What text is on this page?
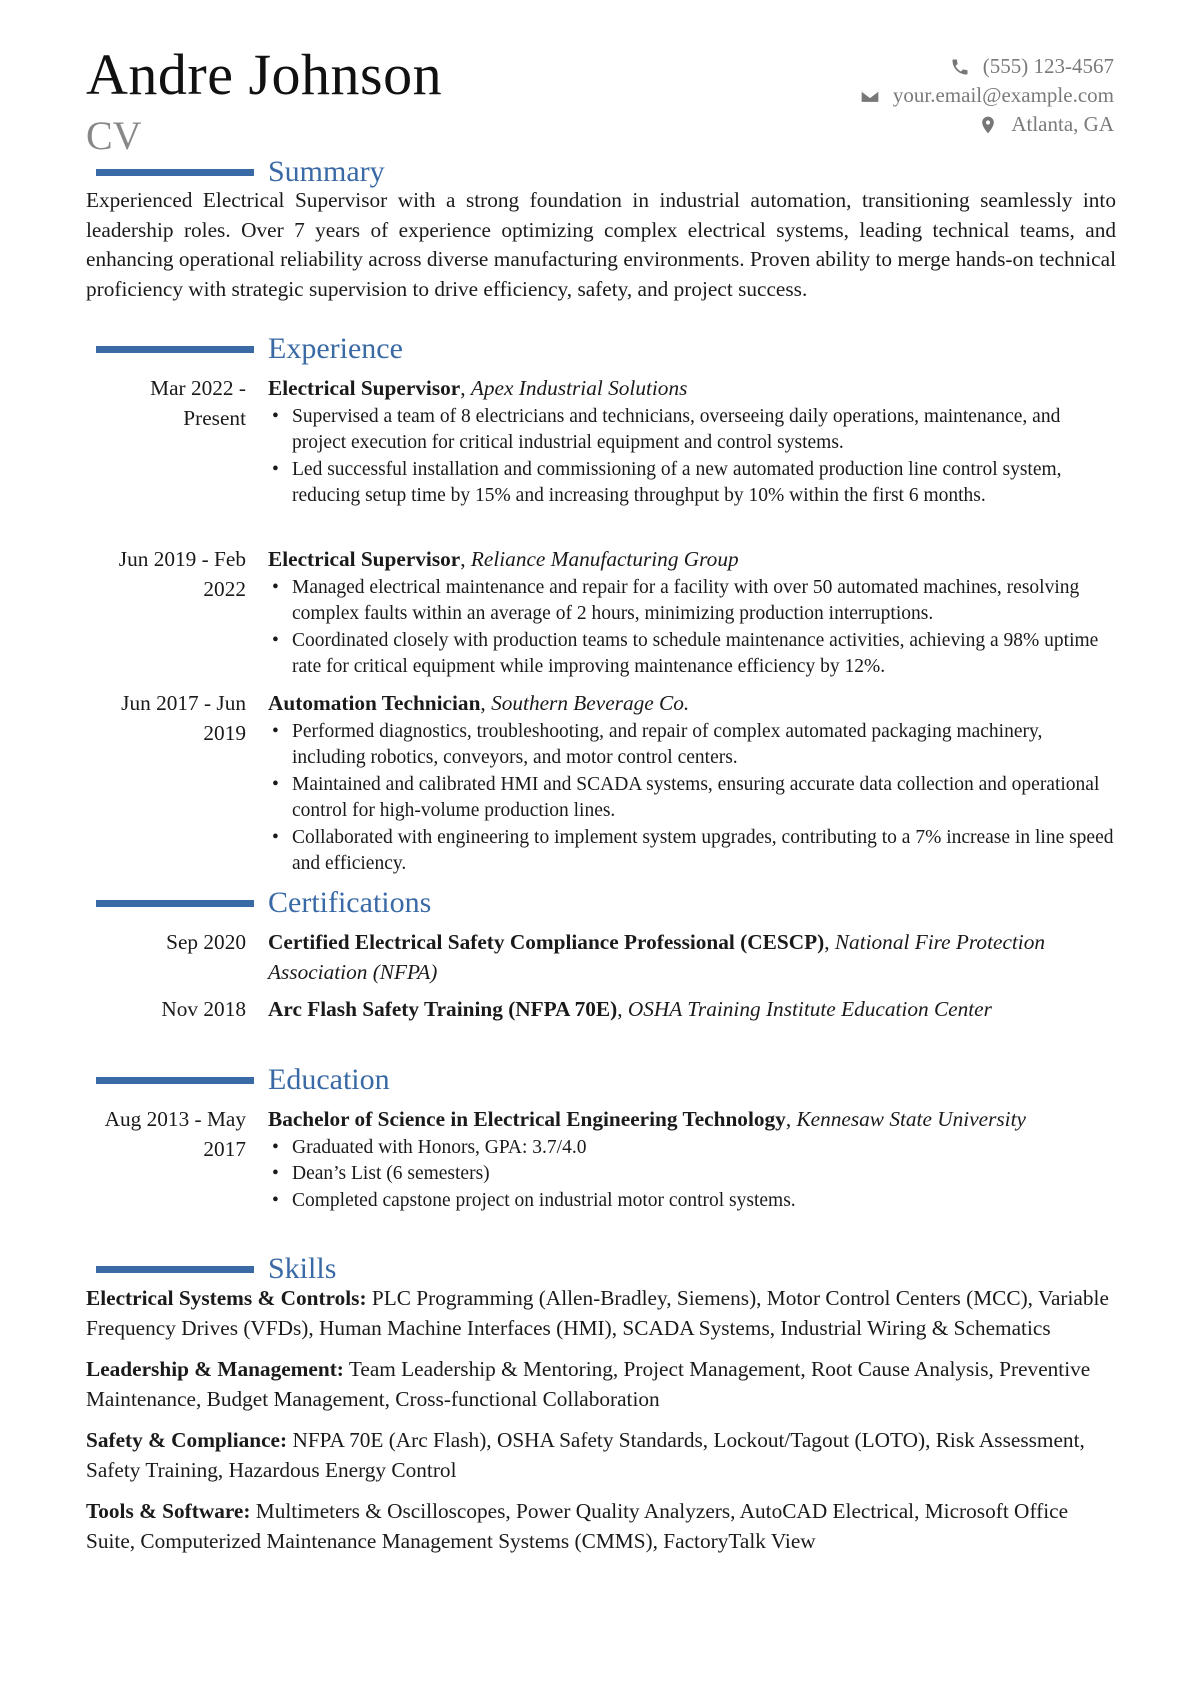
Andre Johnson
CV
(555) 123-4567
your.email@example.com
Atlanta, GA
Summary
Experienced Electrical Supervisor with a strong foundation in industrial automation, transitioning seamlessly into leadership roles. Over 7 years of experience optimizing complex electrical systems, leading technical teams, and enhancing operational reliability across diverse manufacturing environments. Proven ability to merge hands-on technical proficiency with strategic supervision to drive efficiency, safety, and project success.
Experience
Mar 2022 - Present
Electrical Supervisor, Apex Industrial Solutions
• Supervised a team of 8 electricians and technicians, overseeing daily operations, maintenance, and project execution for critical industrial equipment and control systems.
• Led successful installation and commissioning of a new automated production line control system, reducing setup time by 15% and increasing throughput by 10% within the first 6 months.
Jun 2019 - Feb 2022
Electrical Supervisor, Reliance Manufacturing Group
• Managed electrical maintenance and repair for a facility with over 50 automated machines, resolving complex faults within an average of 2 hours, minimizing production interruptions.
• Coordinated closely with production teams to schedule maintenance activities, achieving a 98% uptime rate for critical equipment while improving maintenance efficiency by 12%.
Jun 2017 - Jun 2019
Automation Technician, Southern Beverage Co.
• Performed diagnostics, troubleshooting, and repair of complex automated packaging machinery, including robotics, conveyors, and motor control centers.
• Maintained and calibrated HMI and SCADA systems, ensuring accurate data collection and operational control for high-volume production lines.
• Collaborated with engineering to implement system upgrades, contributing to a 7% increase in line speed and efficiency.
Certifications
Sep 2020	Certified Electrical Safety Compliance Professional (CESCP), National Fire Protection Association (NFPA)
Nov 2018	Arc Flash Safety Training (NFPA 70E), OSHA Training Institute Education Center
Education
Aug 2013 - May 2017
Bachelor of Science in Electrical Engineering Technology, Kennesaw State University
• Graduated with Honors, GPA: 3.7/4.0
• Dean’s List (6 semesters)
• Completed capstone project on industrial motor control systems.
Skills
Electrical Systems & Controls: PLC Programming (Allen-Bradley, Siemens), Motor Control Centers (MCC), Variable Frequency Drives (VFDs), Human Machine Interfaces (HMI), SCADA Systems, Industrial Wiring & Schematics
Leadership & Management: Team Leadership & Mentoring, Project Management, Root Cause Analysis, Preventive Maintenance, Budget Management, Cross-functional Collaboration
Safety & Compliance: NFPA 70E (Arc Flash), OSHA Safety Standards, Lockout/Tagout (LOTO), Risk Assessment, Safety Training, Hazardous Energy Control
Tools & Software: Multimeters & Oscilloscopes, Power Quality Analyzers, AutoCAD Electrical, Microsoft Office Suite, Computerized Maintenance Management Systems (CMMS), FactoryTalk View
